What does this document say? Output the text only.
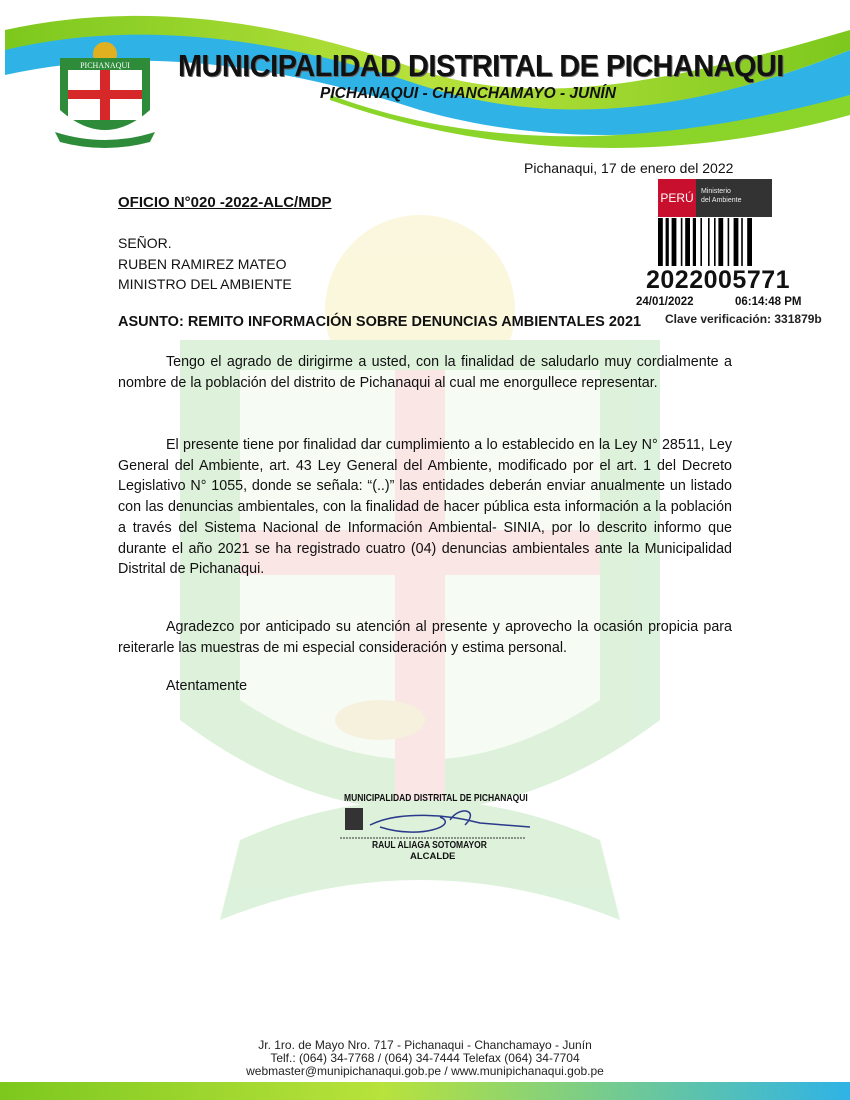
PICHANAQUI MUNICIPALIDAD DISTRITAL DE PICHANAQUI
PICHANAQUI - CHANCHAMAYO - JUNÍN
Pichanaqui, 17 de enero del 2022
OFICIO N°020 -2022-ALC/MDP
SEÑOR.
RUBEN RAMIREZ MATEO
MINISTRO DEL AMBIENTE
ASUNTO: REMITO INFORMACIÓN SOBRE DENUNCIAS AMBIENTALES 2021

Tengo el agrado de dirigirme a usted, con la finalidad de saludarlo muy cordialmente a nombre de la población del distrito de Pichanaqui al cual me enorgullece representar.

El presente tiene por finalidad dar cumplimiento a lo establecido en la Ley N° 28511, Ley General del Ambiente, art. 43 Ley General del Ambiente, modificado por el art. 1 del Decreto Legislativo N° 1055, donde se señala: “(..)” las entidades deberán enviar anualmente un listado con las denuncias ambientales, con la finalidad de hacer pública esta información a la población a través del Sistema Nacional de Información Ambiental- SINIA, por lo descrito informo que durante el año 2021 se ha registrado cuatro (04) denuncias ambientales ante la Municipalidad Distrital de Pichanaqui.

Agradezco por anticipado su atención al presente y aprovecho la ocasión propicia para reiterarle las muestras de mi especial consideración y estima personal.

Atentamente
PERÚ	Ministerio
del Ambiente
2022005771
24/01/2022	06:14:48 PM
Clave verificación: 331879b
MUNICIPALIDAD DISTRITAL DE PICHANAQUI
RAUL ALIAGA SOTOMAYOR
ALCALDE
Jr. 1ro. de Mayo Nro. 717 - Pichanaqui - Chanchamayo - Junín
Telf.: (064) 34-7768 / (064) 34-7444 Telefax (064) 34-7704
webmaster@munipichanaqui.gob.pe / www.munipichanaqui.gob.pe
